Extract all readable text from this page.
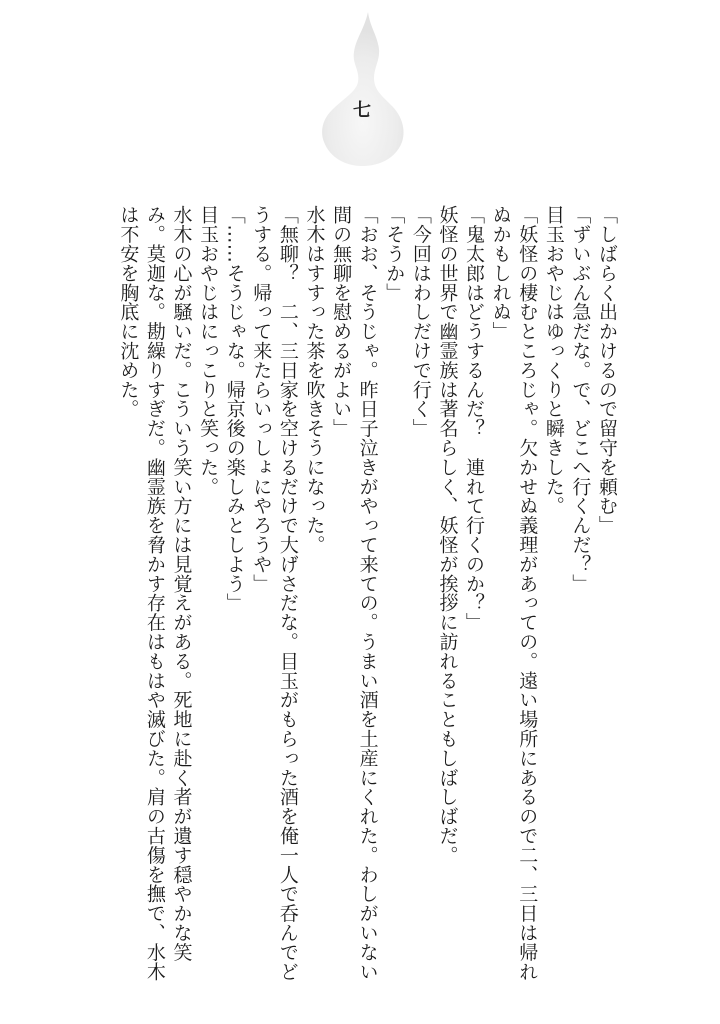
七

「しばらく出かけるので留守を頼む」

「ずいぶん急だな。で、どこへ行くんだ？」

目玉おやじはゆっくりと瞬きした。

「妖怪の棲むところじゃ。欠かせぬ義理があっての。遠い場所にあるので二、三日は帰れぬかもしれぬ」

「鬼太郎はどうするんだ？　連れて行くのか？」

妖怪の世界で幽霊族は著名らしく、妖怪が挨拶に訪れることもしばしばだ。

「今回はわしだけで行く」

「そうか」

「おお、そうじゃ。昨日子泣きがやって来ての。うまい酒を土産にくれた。わしがいない間の無聊を慰めるがよい」

水木はすすった茶を吹きそうになった。

「無聊？　二、三日家を空けるだけで大げさだな。目玉がもらった酒を俺一人で呑んでどうする。帰って来たらいっしょにやろうや」

「……そうじゃな。帰京後の楽しみとしよう」

目玉おやじはにっこりと笑った。

水木の心が騒いだ。こういう笑い方には見覚えがある。死地に赴く者が遺す穏やかな笑み。莫迦な。勘繰りすぎだ。幽霊族を脅かす存在はもはや滅びた。肩の古傷を撫で、水木は不安を胸底に沈めた。
